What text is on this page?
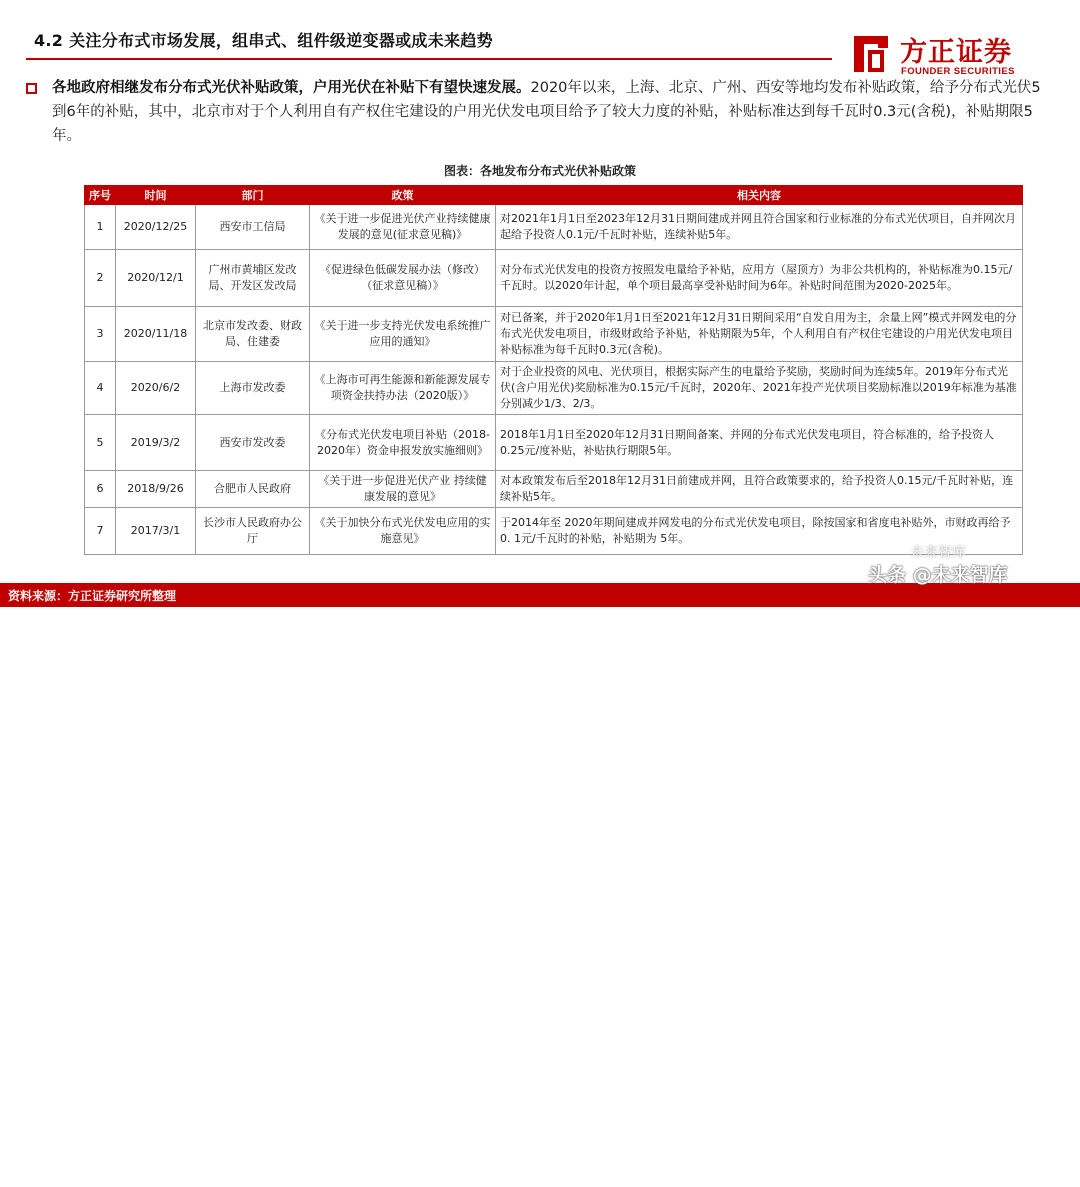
4.2 关注分布式市场发展，组串式、组件级逆变器或成未来趋势	方正证券
FOUNDER SECURITIES
各地政府相继发布分布式光伏补贴政策，户用光伏在补贴下有望快速发展。2020年以来，上海、北京、广州、西安等地均发布补贴政策，给予分布式光伏5到6年的补贴，其中，北京市对于个人利用自有产权住宅建设的户用光伏发电项目给予了较大力度的补贴，补贴标准达到每千瓦时0.3元(含税)，补贴期限5年。
图表：各地发布分布式光伏补贴政策
序号	时间	部门	政策	相关内容
1	2020/12/25	西安市工信局	《关于进一步促进光伏产业持续健康发展的意见(征求意见稿)》	对2021年1月1日至2023年12月31日期间建成并网且符合国家和行业标准的分布式光伏项目，自并网次月起给予投资人0.1元/千瓦时补贴，连续补贴5年。
2	2020/12/1	广州市黄埔区发改局、开发区发改局	《促进绿色低碳发展办法（修改）（征求意见稿）》	对分布式光伏发电的投资方按照发电量给予补贴，应用方（屋顶方）为非公共机构的，补贴标准为0.15元/千瓦时。以2020年计起，单个项目最高享受补贴时间为6年。补贴时间范围为2020-2025年。
3	2020/11/18	北京市发改委、财政局、住建委	《关于进一步支持光伏发电系统推广应用的通知》	对已备案，并于2020年1月1日至2021年12月31日期间采用“自发自用为主，余量上网”模式并网发电的分布式光伏发电项目，市级财政给予补贴，补贴期限为5年，个人利用自有产权住宅建设的户用光伏发电项目补贴标准为每千瓦时0.3元(含税)。
4	2020/6/2	上海市发改委	《上海市可再生能源和新能源发展专项资金扶持办法（2020版）》	对于企业投资的风电、光伏项目，根据实际产生的电量给予奖励，奖励时间为连续5年。2019年分布式光伏(含户用光伏)奖励标准为0.15元/千瓦时，2020年、2021年投产光伏项目奖励标准以2019年标准为基准分别减少1/3、2/3。
5	2019/3/2	西安市发改委	《分布式光伏发电项目补贴（2018-2020年）资金申报发放实施细则》	2018年1月1日至2020年12月31日期间备案、并网的分布式光伏发电项目，符合标准的，给予投资人0.25元/度补贴，补贴执行期限5年。
6	2018/9/26	合肥市人民政府	《关于进一步促进光伏产业 持续健康发展的意见》	对本政策发布后至2018年12月31日前建成并网，且符合政策要求的，给予投资人0.15元/千瓦时补贴，连续补贴5年。
7	2017/3/1	长沙市人民政府办公厅	《关于加快分布式光伏发电应用的实施意见》	于2014年至 2020年期间建成并网发电的分布式光伏发电项目，除按国家和省度电补贴外，市财政再给予0. 1元/千瓦时的补贴，补贴期为 5年。
资料来源：方正证券研究所整理
37
未来智库
头条 @未来智库
